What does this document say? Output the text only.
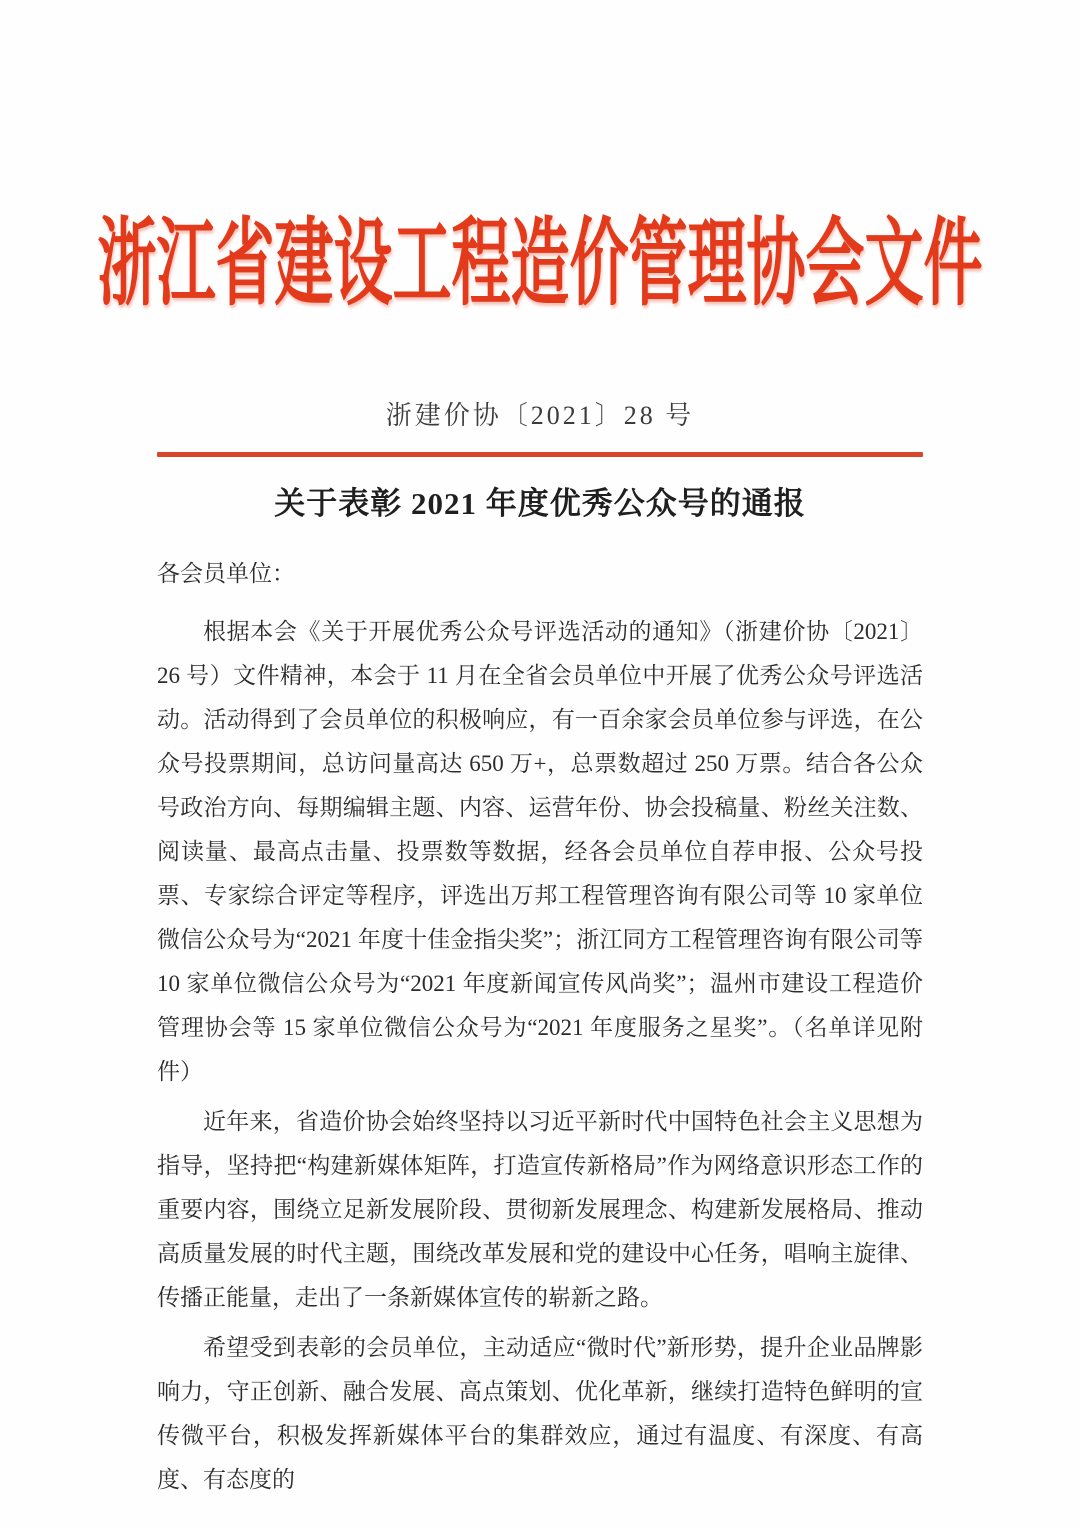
浙江省建设工程造价管理协会文件
浙建价协〔2021〕28 号
关于表彰 2021 年度优秀公众号的通报

各会员单位：

根据本会《关于开展优秀公众号评选活动的通知》（浙建价协〔2021〕26 号）文件精神，本会于 11 月在全省会员单位中开展了优秀公众号评选活动。活动得到了会员单位的积极响应，有一百余家会员单位参与评选，在公众号投票期间，总访问量高达 650 万+，总票数超过 250 万票。结合各公众号政治方向、每期编辑主题、内容、运营年份、协会投稿量、粉丝关注数、阅读量、最高点击量、投票数等数据，经各会员单位自荐申报、公众号投票、专家综合评定等程序，评选出万邦工程管理咨询有限公司等 10 家单位微信公众号为“2021 年度十佳金指尖奖”；浙江同方工程管理咨询有限公司等 10 家单位微信公众号为“2021 年度新闻宣传风尚奖”；温州市建设工程造价管理协会等 15 家单位微信公众号为“2021 年度服务之星奖”。（名单详见附件）

近年来，省造价协会始终坚持以习近平新时代中国特色社会主义思想为指导，坚持把“构建新媒体矩阵，打造宣传新格局”作为网络意识形态工作的重要内容，围绕立足新发展阶段、贯彻新发展理念、构建新发展格局、推动高质量发展的时代主题，围绕改革发展和党的建设中心任务，唱响主旋律、传播正能量，走出了一条新媒体宣传的崭新之路。

希望受到表彰的会员单位，主动适应“微时代”新形势，提升企业品牌影响力，守正创新、融合发展、高点策划、优化革新，继续打造特色鲜明的宣传微平台，积极发挥新媒体平台的集群效应，通过有温度、有深度、有高度、有态度的
